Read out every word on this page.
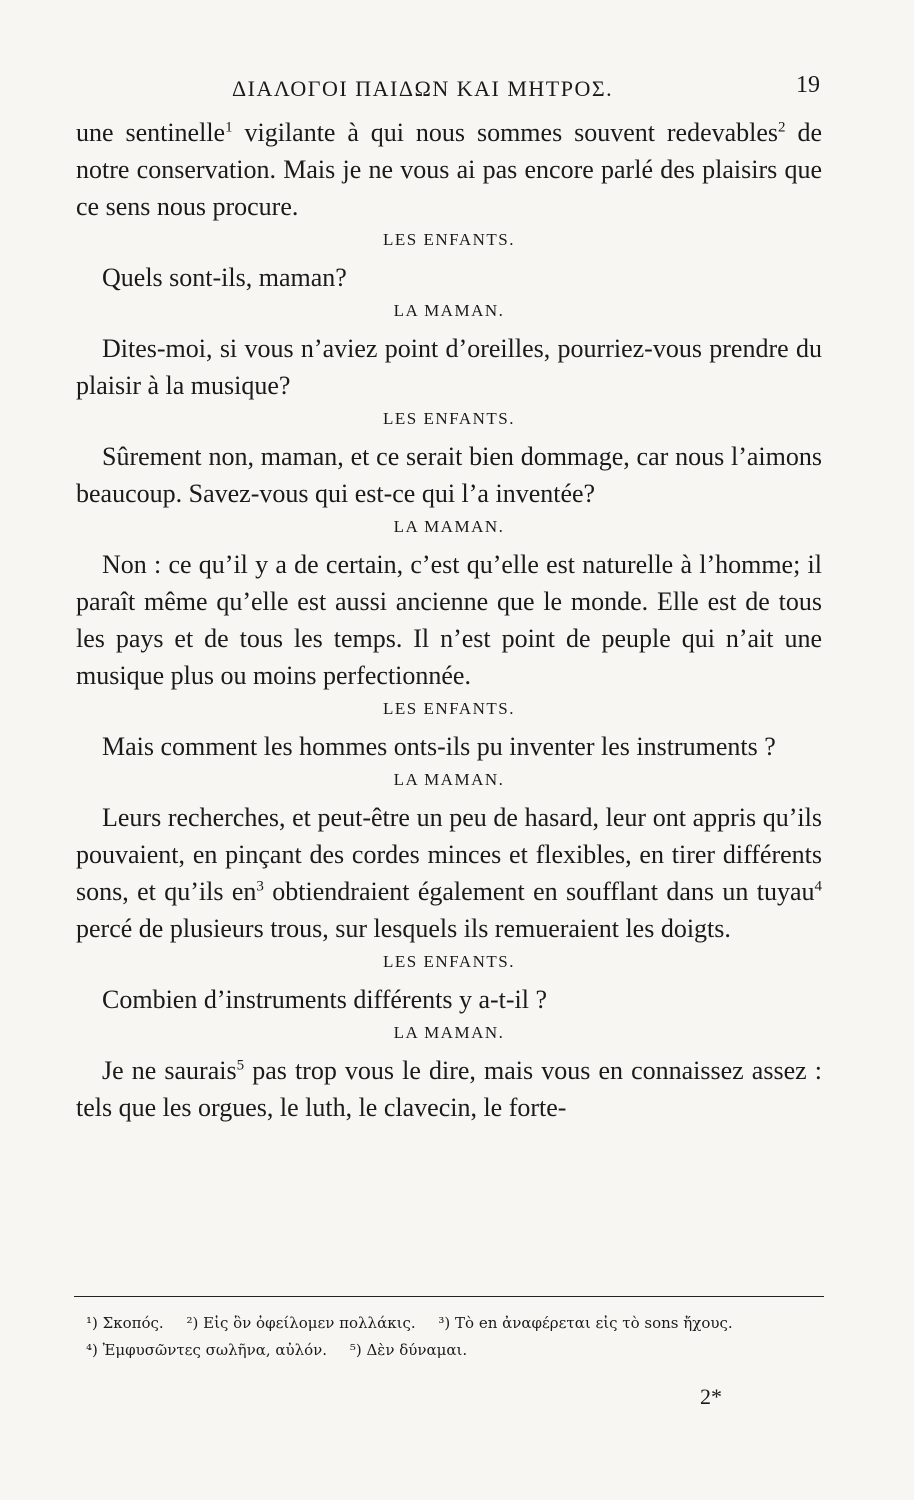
ΔΙΑΛΟΓΟΙ ΠΑΙΔΩΝ ΚΑΙ ΜΗΤΡΟΣ.	19

une sentinelle$^1$ vigilante à qui nous sommes souvent redevables$^2$ de notre conservation. Mais je ne vous ai pas encore parlé des plaisirs que ce sens nous procure.

LES ENFANTS.

Quels sont-ils, maman?

LA MAMAN.

Dites-moi, si vous n’aviez point d’oreilles, pourriez-vous prendre du plaisir à la musique?

LES ENFANTS.

Sûrement non, maman, et ce serait bien dommage, car nous l’aimons beaucoup. Savez-vous qui est-ce qui l’a inventée?

LA MAMAN.

Non : ce qu’il y a de certain, c’est qu’elle est naturelle à l’homme; il paraît même qu’elle est aussi ancienne que le monde. Elle est de tous les pays et de tous les temps. Il n’est point de peuple qui n’ait une musique plus ou moins perfectionnée.

LES ENFANTS.

Mais comment les hommes onts-ils pu inventer les instruments ?

LA MAMAN.

Leurs recherches, et peut-être un peu de hasard, leur ont appris qu’ils pouvaient, en pinçant des cordes minces et flexibles, en tirer différents sons, et qu’ils $en^3$ obtiendraient également en soufflant dans un tuyau$^4$ percé de plusieurs trous, sur lesquels ils remueraient les doigts.

LES ENFANTS.

Combien d’instruments différents y a-t-il ?

LA MAMAN.

Je ne saurais$^5$ pas trop vous le dire, mais vous en connaissez assez : tels que les orgues, le luth, le clavecin, le forte-

¹) Σκοπός. ²) Εἰς ὃν ὀφείλομεν πολλάκις. ³) Τὸ en ἀναφέρεται εἰς τὸ sons ἤχους.
⁴) Ἐμφυσῶντες σωλῆνα, αὐλόν. ⁵) Δὲν δύναμαι.
2*
